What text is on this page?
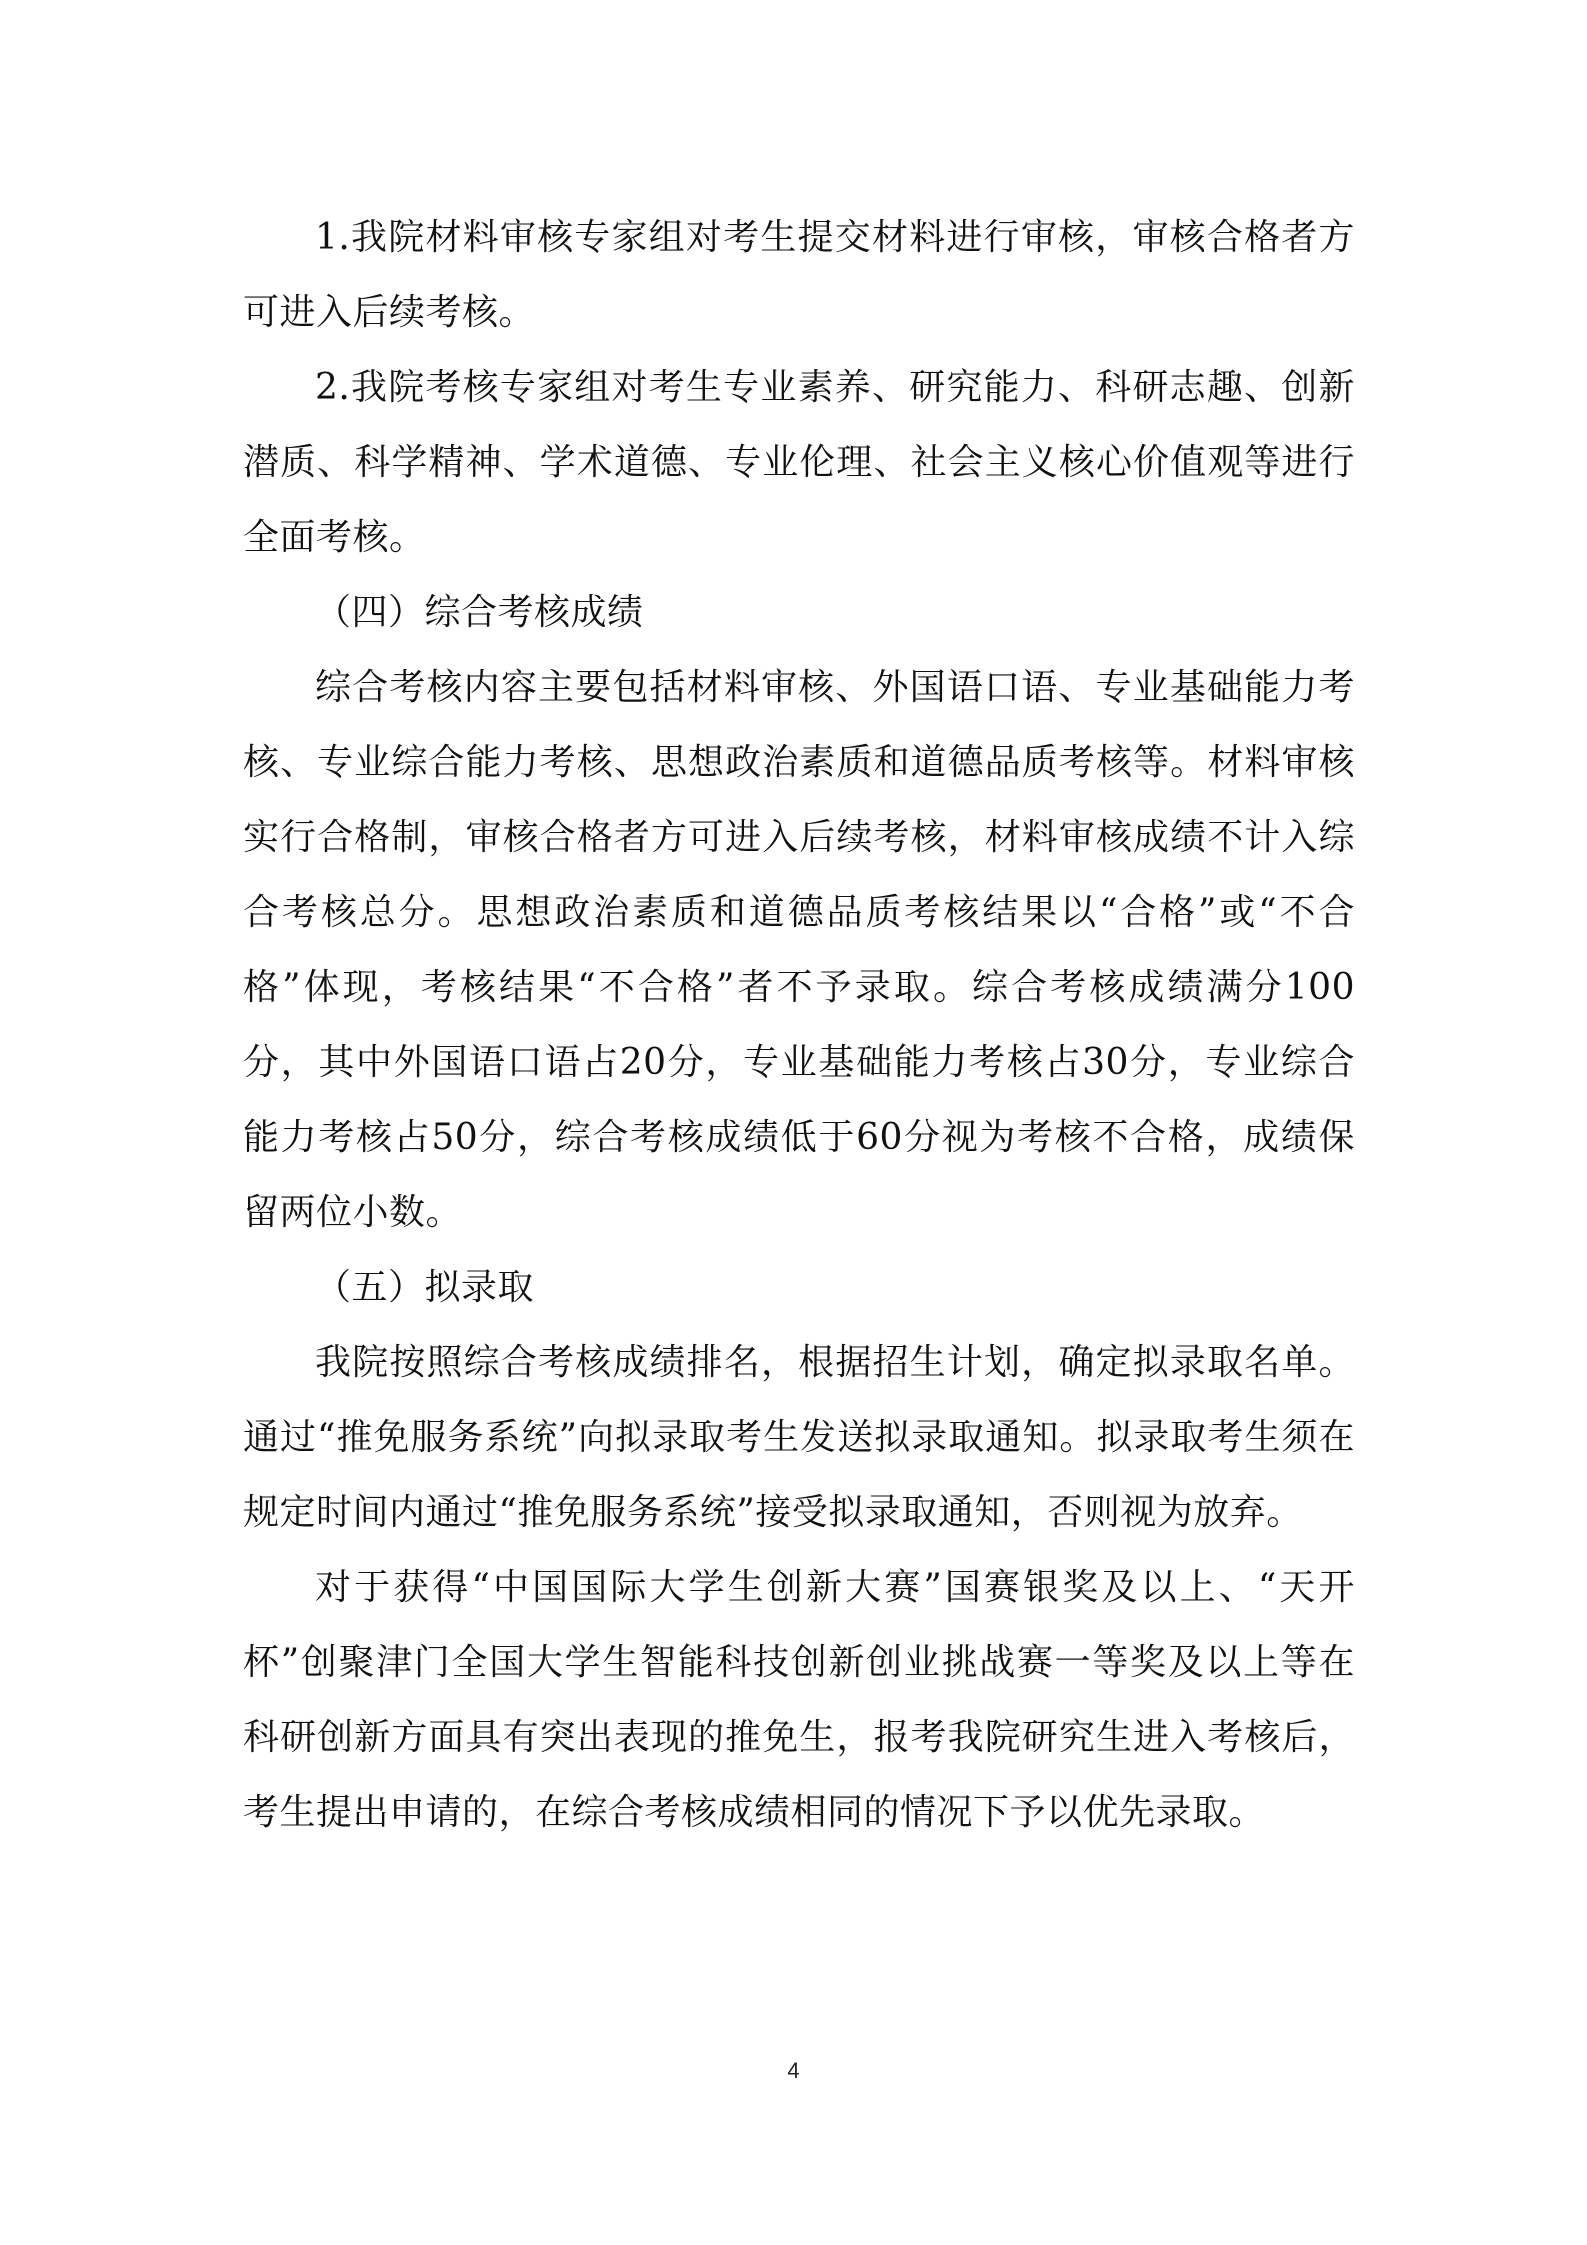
1.我院材料审核专家组对考生提交材料进行审核，审核合格者方可进入后续考核。

2.我院考核专家组对考生专业素养、研究能力、科研志趣、创新潜质、科学精神、学术道德、专业伦理、社会主义核心价值观等进行全面考核。

（四）综合考核成绩

综合考核内容主要包括材料审核、外国语口语、专业基础能力考核、专业综合能力考核、思想政治素质和道德品质考核等。材料审核实行合格制，审核合格者方可进入后续考核，材料审核成绩不计入综合考核总分。思想政治素质和道德品质考核结果以“合格”或“不合格”体现，考核结果“不合格”者不予录取。综合考核成绩满分100分，其中外国语口语占20分，专业基础能力考核占30分，专业综合能力考核占50分，综合考核成绩低于60分视为考核不合格，成绩保留两位小数。

（五）拟录取

我院按照综合考核成绩排名，根据招生计划，确定拟录取名单。通过“推免服务系统”向拟录取考生发送拟录取通知。拟录取考生须在规定时间内通过“推免服务系统”接受拟录取通知，否则视为放弃。

对于获得“中国国际大学生创新大赛”国赛银奖及以上、“天开杯”创聚津门全国大学生智能科技创新创业挑战赛一等奖及以上等在科研创新方面具有突出表现的推免生，报考我院研究生进入考核后，考生提出申请的，在综合考核成绩相同的情况下予以优先录取。

4
